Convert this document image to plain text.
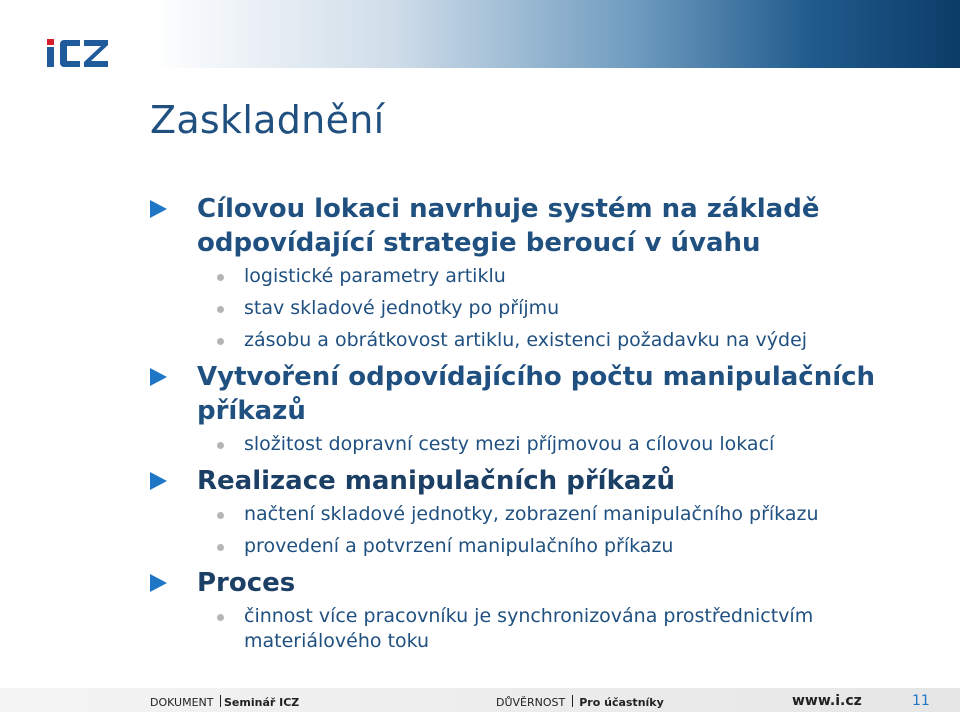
Zaskladnění
Cílovou lokaci navrhuje systém na základě odpovídající strategie beroucí v úvahu
logistické parametry artiklu
stav skladové jednotky po příjmu
zásobu a obrátkovost artiklu, existenci požadavku na výdej
Vytvoření odpovídajícího počtu manipulačních příkazů
složitost dopravní cesty mezi příjmovou a cílovou lokací
Realizace manipulačních příkazů
načtení skladové jednotky, zobrazení manipulačního příkazu
provedení a potvrzení manipulačního příkazu
Proces
činnost více pracovníku je synchronizována prostřednictvím materiálového toku
DOKUMENT Seminář ICZ	DŮVĚRNOST Pro účastníky	www.i.cz	11
